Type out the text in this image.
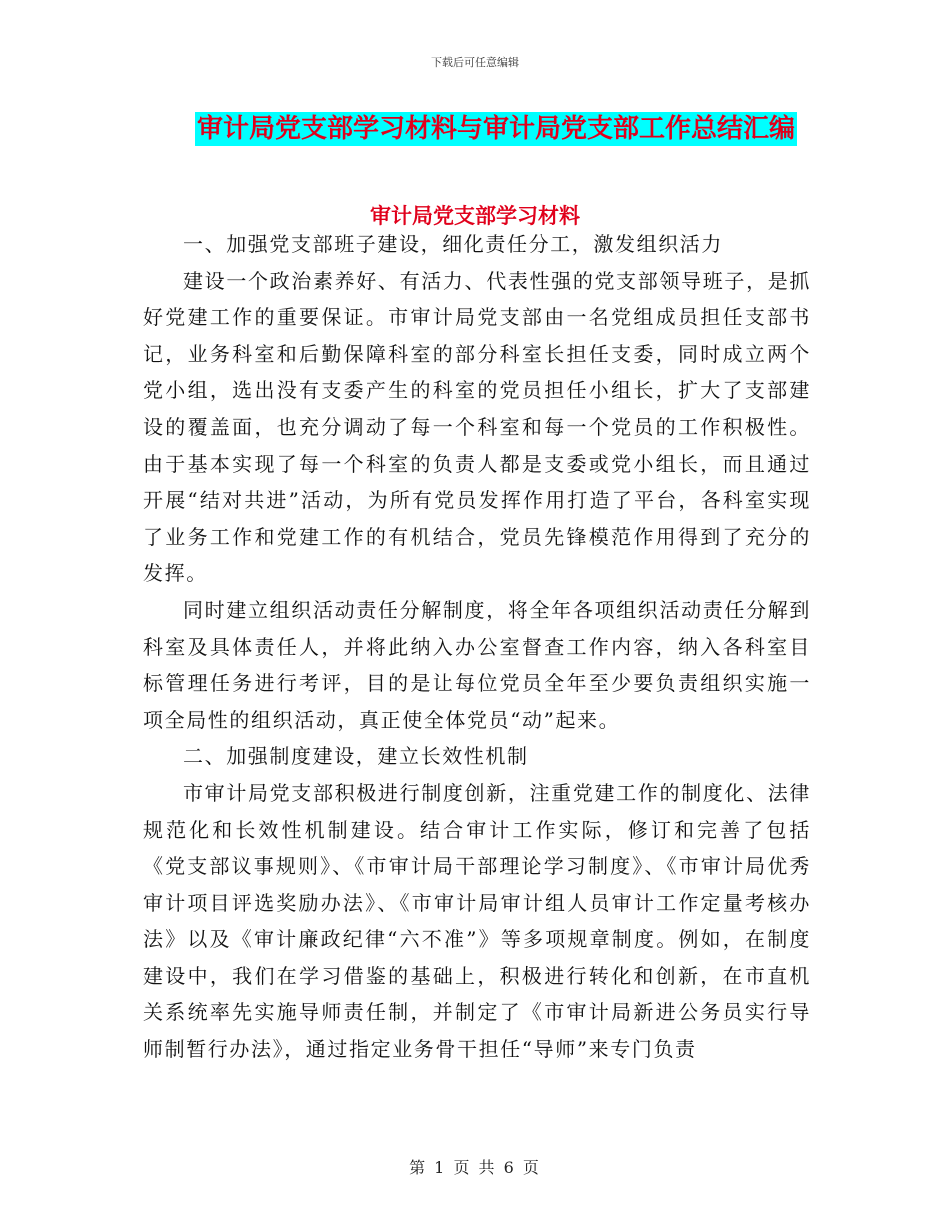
下载后可任意编辑
审计局党支部学习材料与审计局党支部工作总结汇编
审计局党支部学习材料

一、加强党支部班子建设，细化责任分工，激发组织活力

建设一个政治素养好、有活力、代表性强的党支部领导班子，是抓好党建工作的重要保证。市审计局党支部由一名党组成员担任支部书记，业务科室和后勤保障科室的部分科室长担任支委，同时成立两个党小组，选出没有支委产生的科室的党员担任小组长，扩大了支部建设的覆盖面，也充分调动了每一个科室和每一个党员的工作积极性。由于基本实现了每一个科室的负责人都是支委或党小组长，而且通过开展“结对共进”活动，为所有党员发挥作用打造了平台，各科室实现了业务工作和党建工作的有机结合，党员先锋模范作用得到了充分的发挥。

同时建立组织活动责任分解制度，将全年各项组织活动责任分解到科室及具体责任人，并将此纳入办公室督查工作内容，纳入各科室目标管理任务进行考评，目的是让每位党员全年至少要负责组织实施一项全局性的组织活动，真正使全体党员“动”起来。

二、加强制度建设，建立长效性机制

市审计局党支部积极进行制度创新，注重党建工作的制度化、法律规范化和长效性机制建设。结合审计工作实际，修订和完善了包括《党支部议事规则》、《市审计局干部理论学习制度》、《市审计局优秀审计项目评选奖励办法》、《市审计局审计组人员审计工作定量考核办法》以及《审计廉政纪律“六不准”》等多项规章制度。例如，在制度建设中，我们在学习借鉴的基础上，积极进行转化和创新，在市直机关系统率先实施导师责任制，并制定了《市审计局新进公务员实行导师制暂行办法》，通过指定业务骨干担任“导师”来专门负责

第 1 页 共 6 页
